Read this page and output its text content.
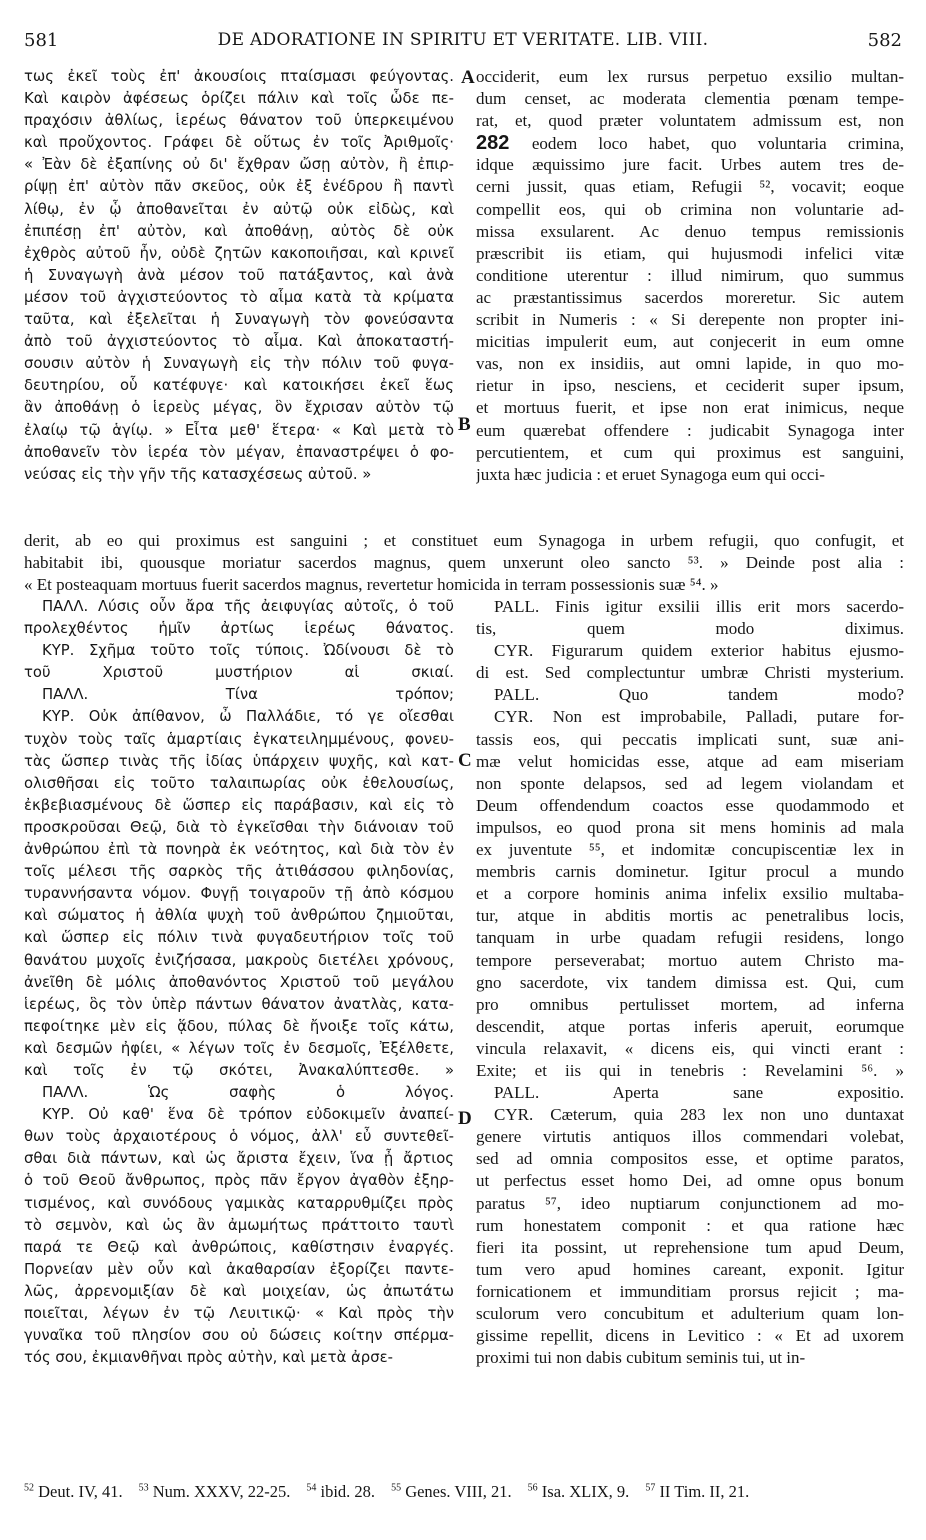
581	DE ADORATIONE IN SPIRITU ET VERITATE. LIB. VIII.	582
τως ἐκεῖ τοὺς ἐπ' ἀκουσίοις πταίσμασι φεύγοντας.
Καὶ καιρὸν ἀφέσεως ὁρίζει πάλιν καὶ τοῖς ὧδε πε-
πραχόσιν ἀθλίως, ἱερέως θάνατον τοῦ ὑπερκειμένου
καὶ προὔχοντος. Γράφει δὲ οὕτως ἐν τοῖς Ἀριθμοῖς·
« Ἐὰν δὲ ἐξαπίνης οὐ δι' ἔχθραν ὤσῃ αὐτὸν, ἢ ἐπιρ-
ρίψῃ ἐπ' αὐτὸν πᾶν σκεῦος, οὐκ ἐξ ἐνέδρου ἢ παντὶ
λίθῳ, ἐν ᾧ ἀποθανεῖται ἐν αὐτῷ οὐκ εἰδὼς, καὶ
ἐπιπέσῃ ἐπ' αὐτὸν, καὶ ἀποθάνῃ, αὐτὸς δὲ οὐκ
ἐχθρὸς αὐτοῦ ἦν, οὐδὲ ζητῶν κακοποιῆσαι, καὶ κρινεῖ
ἡ Συναγωγὴ ἀνὰ μέσον τοῦ πατάξαντος, καὶ ἀνὰ
μέσον τοῦ ἀγχιστεύοντος τὸ αἷμα κατὰ τὰ κρίματα
ταῦτα, καὶ ἐξελεῖται ἡ Συναγωγὴ τὸν φονεύσαντα
ἀπὸ τοῦ ἀγχιστεύοντος τὸ αἷμα. Καὶ ἀποκαταστή-
σουσιν αὐτὸν ἡ Συναγωγὴ εἰς τὴν πόλιν τοῦ φυγα-
δευτηρίου, οὗ κατέφυγε· καὶ κατοικήσει ἐκεῖ ἕως
ἂν ἀποθάνῃ ὁ ἱερεὺς μέγας, ὃν ἔχρισαν αὐτὸν τῷ
ἐλαίῳ τῷ ἁγίῳ. » Εἶτα μεθ' ἕτερα· « Καὶ μετὰ τὸ
ἀποθανεῖν τὸν ἱερέα τὸν μέγαν, ἐπαναστρέψει ὁ φο-
νεύσας εἰς τὴν γῆν τῆς κατασχέσεως αὐτοῦ. »
occiderit, eum lex rursus perpetuo exsilio multan-
dum censet, ac moderata clementia pœnam tempe-
rat, et, quod præter voluntatem admissum est, non
282 eodem loco habet, quo voluntaria crimina,
idque æquissimo jure facit. Urbes autem tres de-
cerni jussit, quas etiam, Refugii ⁵², vocavit; eoque
compellit eos, qui ob crimina non voluntarie ad-
missa exsularent. Ac denuo tempus remissionis
præscribit iis etiam, qui hujusmodi infelici vitæ
conditione uterentur : illud nimirum, quo summus
ac præstantissimus sacerdos moreretur. Sic autem
scribit in Numeris : « Si derepente non propter ini-
micitias impulerit eum, aut conjecerit in eum omne
vas, non ex insidiis, aut omni lapide, in quo mo-
rietur in ipso, nesciens, et ceciderit super ipsum,
et mortuus fuerit, et ipse non erat inimicus, neque
eum quærebat offendere : judicabit Synagoga inter
percutientem, et cum qui proximus est sanguini,
juxta hæc judicia : et eruet Synagoga eum qui occi-
derit, ab eo qui proximus est sanguini ; et constituet eum Synagoga in urbem refugii, quo confugit, et
habitabit ibi, quousque moriatur sacerdos magnus, quem unxerunt oleo sancto ⁵³. » Deinde post alia :
« Et posteaquam mortuus fuerit sacerdos magnus, revertetur homicida in terram possessionis suæ ⁵⁴. »
ΠΑΛΛ. Λύσις οὖν ἄρα τῆς ἀειφυγίας αὐτοῖς, ὁ τοῦ
προλεχθέντος ἡμῖν ἀρτίως ἱερέως θάνατος.
ΚΥΡ. Σχῆμα τοῦτο τοῖς τύποις. Ὠδίνουσι δὲ τὸ
τοῦ Χριστοῦ μυστήριον αἱ σκιαί.
ΠΑΛΛ. Τίνα τρόπον;
ΚΥΡ. Οὐκ ἀπίθανον, ὦ Παλλάδιε, τό γε οἴεσθαι
τυχὸν τοὺς ταῖς ἁμαρτίαις ἐγκατειλημμένους, φονευ-
τὰς ὥσπερ τινὰς τῆς ἰδίας ὑπάρχειν ψυχῆς, καὶ κατ-
ολισθῆσαι εἰς τοῦτο ταλαιπωρίας οὐκ ἐθελουσίως,
ἐκβεβιασμένους δὲ ὥσπερ εἰς παράβασιν, καὶ εἰς τὸ
προσκροῦσαι Θεῷ, διὰ τὸ ἐγκεῖσθαι τὴν διάνοιαν τοῦ
ἀνθρώπου ἐπὶ τὰ πονηρὰ ἐκ νεότητος, καὶ διὰ τὸν ἐν
τοῖς μέλεσι τῆς σαρκὸς τῆς ἀτιθάσσου φιληδονίας,
τυραννήσαντα νόμον. Φυγῇ τοιγαροῦν τῇ ἀπὸ κόσμου
καὶ σώματος ἡ ἀθλία ψυχὴ τοῦ ἀνθρώπου ζημιοῦται,
καὶ ὥσπερ εἰς πόλιν τινὰ φυγαδευτήριον τοῖς τοῦ
θανάτου μυχοῖς ἐνιζήσασα, μακροὺς διετέλει χρόνους,
ἀνεῖθη δὲ μόλις ἀποθανόντος Χριστοῦ τοῦ μεγάλου
ἱερέως, ὃς τὸν ὑπὲρ πάντων θάνατον ἀνατλὰς, κατα-
πεφοίτηκε μὲν εἰς ᾅδου, πύλας δὲ ἤνοιξε τοῖς κάτω,
καὶ δεσμῶν ἠφίει, « λέγων τοῖς ἐν δεσμοῖς, Ἐξέλθετε,
καὶ τοῖς ἐν τῷ σκότει, Ἀνακαλύπτεσθε. »
ΠΑΛΛ. Ὡς σαφὴς ὁ λόγος.
ΚΥΡ. Οὐ καθ' ἕνα δὲ τρόπον εὐδοκιμεῖν ἀναπεί-
θων τοὺς ἀρχαιοτέρους ὁ νόμος, ἀλλ' εὖ συντεθεῖ-
σθαι διὰ πάντων, καὶ ὡς ἄριστα ἔχειν, ἵνα ᾖ ἄρτιος
ὁ τοῦ Θεοῦ ἄνθρωπος, πρὸς πᾶν ἔργον ἀγαθὸν ἐξηρ-
τισμένος, καὶ συνόδους γαμικὰς καταρρυθμίζει πρὸς
τὸ σεμνὸν, καὶ ὡς ἂν ἀμωμήτως πράττοιτο ταυτὶ
παρά τε Θεῷ καὶ ἀνθρώποις, καθίστησιν ἐναργές.
Πορνείαν μὲν οὖν καὶ ἀκαθαρσίαν ἐξορίζει παντε-
λῶς, ἀρρενομιξίαν δὲ καὶ μοιχείαν, ὡς ἀπωτάτω
ποιεῖται, λέγων ἐν τῷ Λευιτικῷ· « Καὶ πρὸς τὴν
γυναῖκα τοῦ πλησίον σου οὐ δώσεις κοίτην σπέρμα-
τός σου, ἐκμιανθῆναι πρὸς αὐτὴν, καὶ μετὰ ἀρσε-
PALL. Finis igitur exsilii illis erit mors sacerdo-
tis, quem modo diximus.
CYR. Figurarum quidem exterior habitus ejusmo-
di est. Sed complectuntur umbræ Christi mysterium.
PALL. Quo tandem modo?
CYR. Non est improbabile, Palladi, putare for-
tassis eos, qui peccatis implicati sunt, suæ ani-
mæ velut homicidas esse, atque ad eam miseriam
non sponte delapsos, sed ad legem violandam et
Deum offendendum coactos esse quodammodo et
impulsos, eo quod prona sit mens hominis ad mala
ex juventute ⁵⁵, et indomitæ concupiscentiæ lex in
membris carnis dominetur. Igitur procul a mundo
et a corpore hominis anima infelix exsilio multaba-
tur, atque in abditis mortis ac penetralibus locis,
tanquam in urbe quadam refugii residens, longo
tempore perseverabat; mortuo autem Christo ma-
gno sacerdote, vix tandem dimissa est. Qui, cum
pro omnibus pertulisset mortem, ad inferna
descendit, atque portas inferis aperuit, eorumque
vincula relaxavit, « dicens eis, qui vincti erant :
Exite; et iis qui in tenebris : Revelamini ⁵⁶. »
PALL. Aperta sane expositio.
CYR. Cæterum, quia 283 lex non uno duntaxat
genere virtutis antiquos illos commendari volebat,
sed ad omnia compositos esse, et optime paratos,
ut perfectus esset homo Dei, ad omne opus bonum
paratus ⁵⁷, ideo nuptiarum conjunctionem ad mo-
rum honestatem componit : et qua ratione hæc
fieri ita possint, ut reprehensione tum apud Deum,
tum vero apud homines careant, exponit. Igitur
fornicationem et immunditiam prorsus rejicit ; ma-
sculorum vero concubitum et adulterium quam lon-
gissime repellit, dicens in Levitico : « Et ad uxorem
proximi tui non dabis cubitum seminis tui, ut in-
A
B
C
D
$^{52}$ Deut. IV, 41. $^{53}$ Num. XXXV, 22-25. $^{54}$ ibid. 28. $^{55}$ Genes. VIII, 21. $^{56}$ Isa. XLIX, 9. $^{57}$ II Tim. II, 21.
